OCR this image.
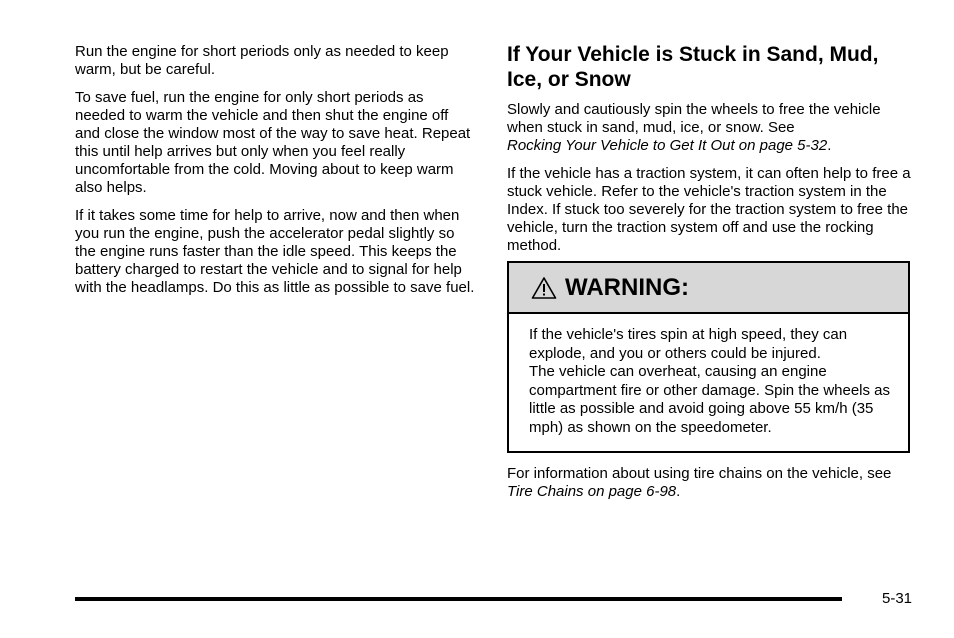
Run the engine for short periods only as needed to keep warm, but be careful.

To save fuel, run the engine for only short periods as needed to warm the vehicle and then shut the engine off and close the window most of the way to save heat. Repeat this until help arrives but only when you feel really uncomfortable from the cold. Moving about to keep warm also helps.

If it takes some time for help to arrive, now and then when you run the engine, push the accelerator pedal slightly so the engine runs faster than the idle speed. This keeps the battery charged to restart the vehicle and to signal for help with the headlamps. Do this as little as possible to save fuel.

If Your Vehicle is Stuck in Sand, Mud, Ice, or Snow

Slowly and cautiously spin the wheels to free the vehicle when stuck in sand, mud, ice, or snow. See
Rocking Your Vehicle to Get It Out on page 5-32.

If the vehicle has a traction system, it can often help to free a stuck vehicle. Refer to the vehicle's traction system in the Index. If stuck too severely for the traction system to free the vehicle, turn the traction system off and use the rocking method.

WARNING:

If the vehicle's tires spin at high speed, they can explode, and you or others could be injured.

The vehicle can overheat, causing an engine compartment fire or other damage. Spin the wheels as little as possible and avoid going above 55 km/h (35 mph) as shown on the speedometer.

For information about using tire chains on the vehicle, see Tire Chains on page 6-98.

5-31
